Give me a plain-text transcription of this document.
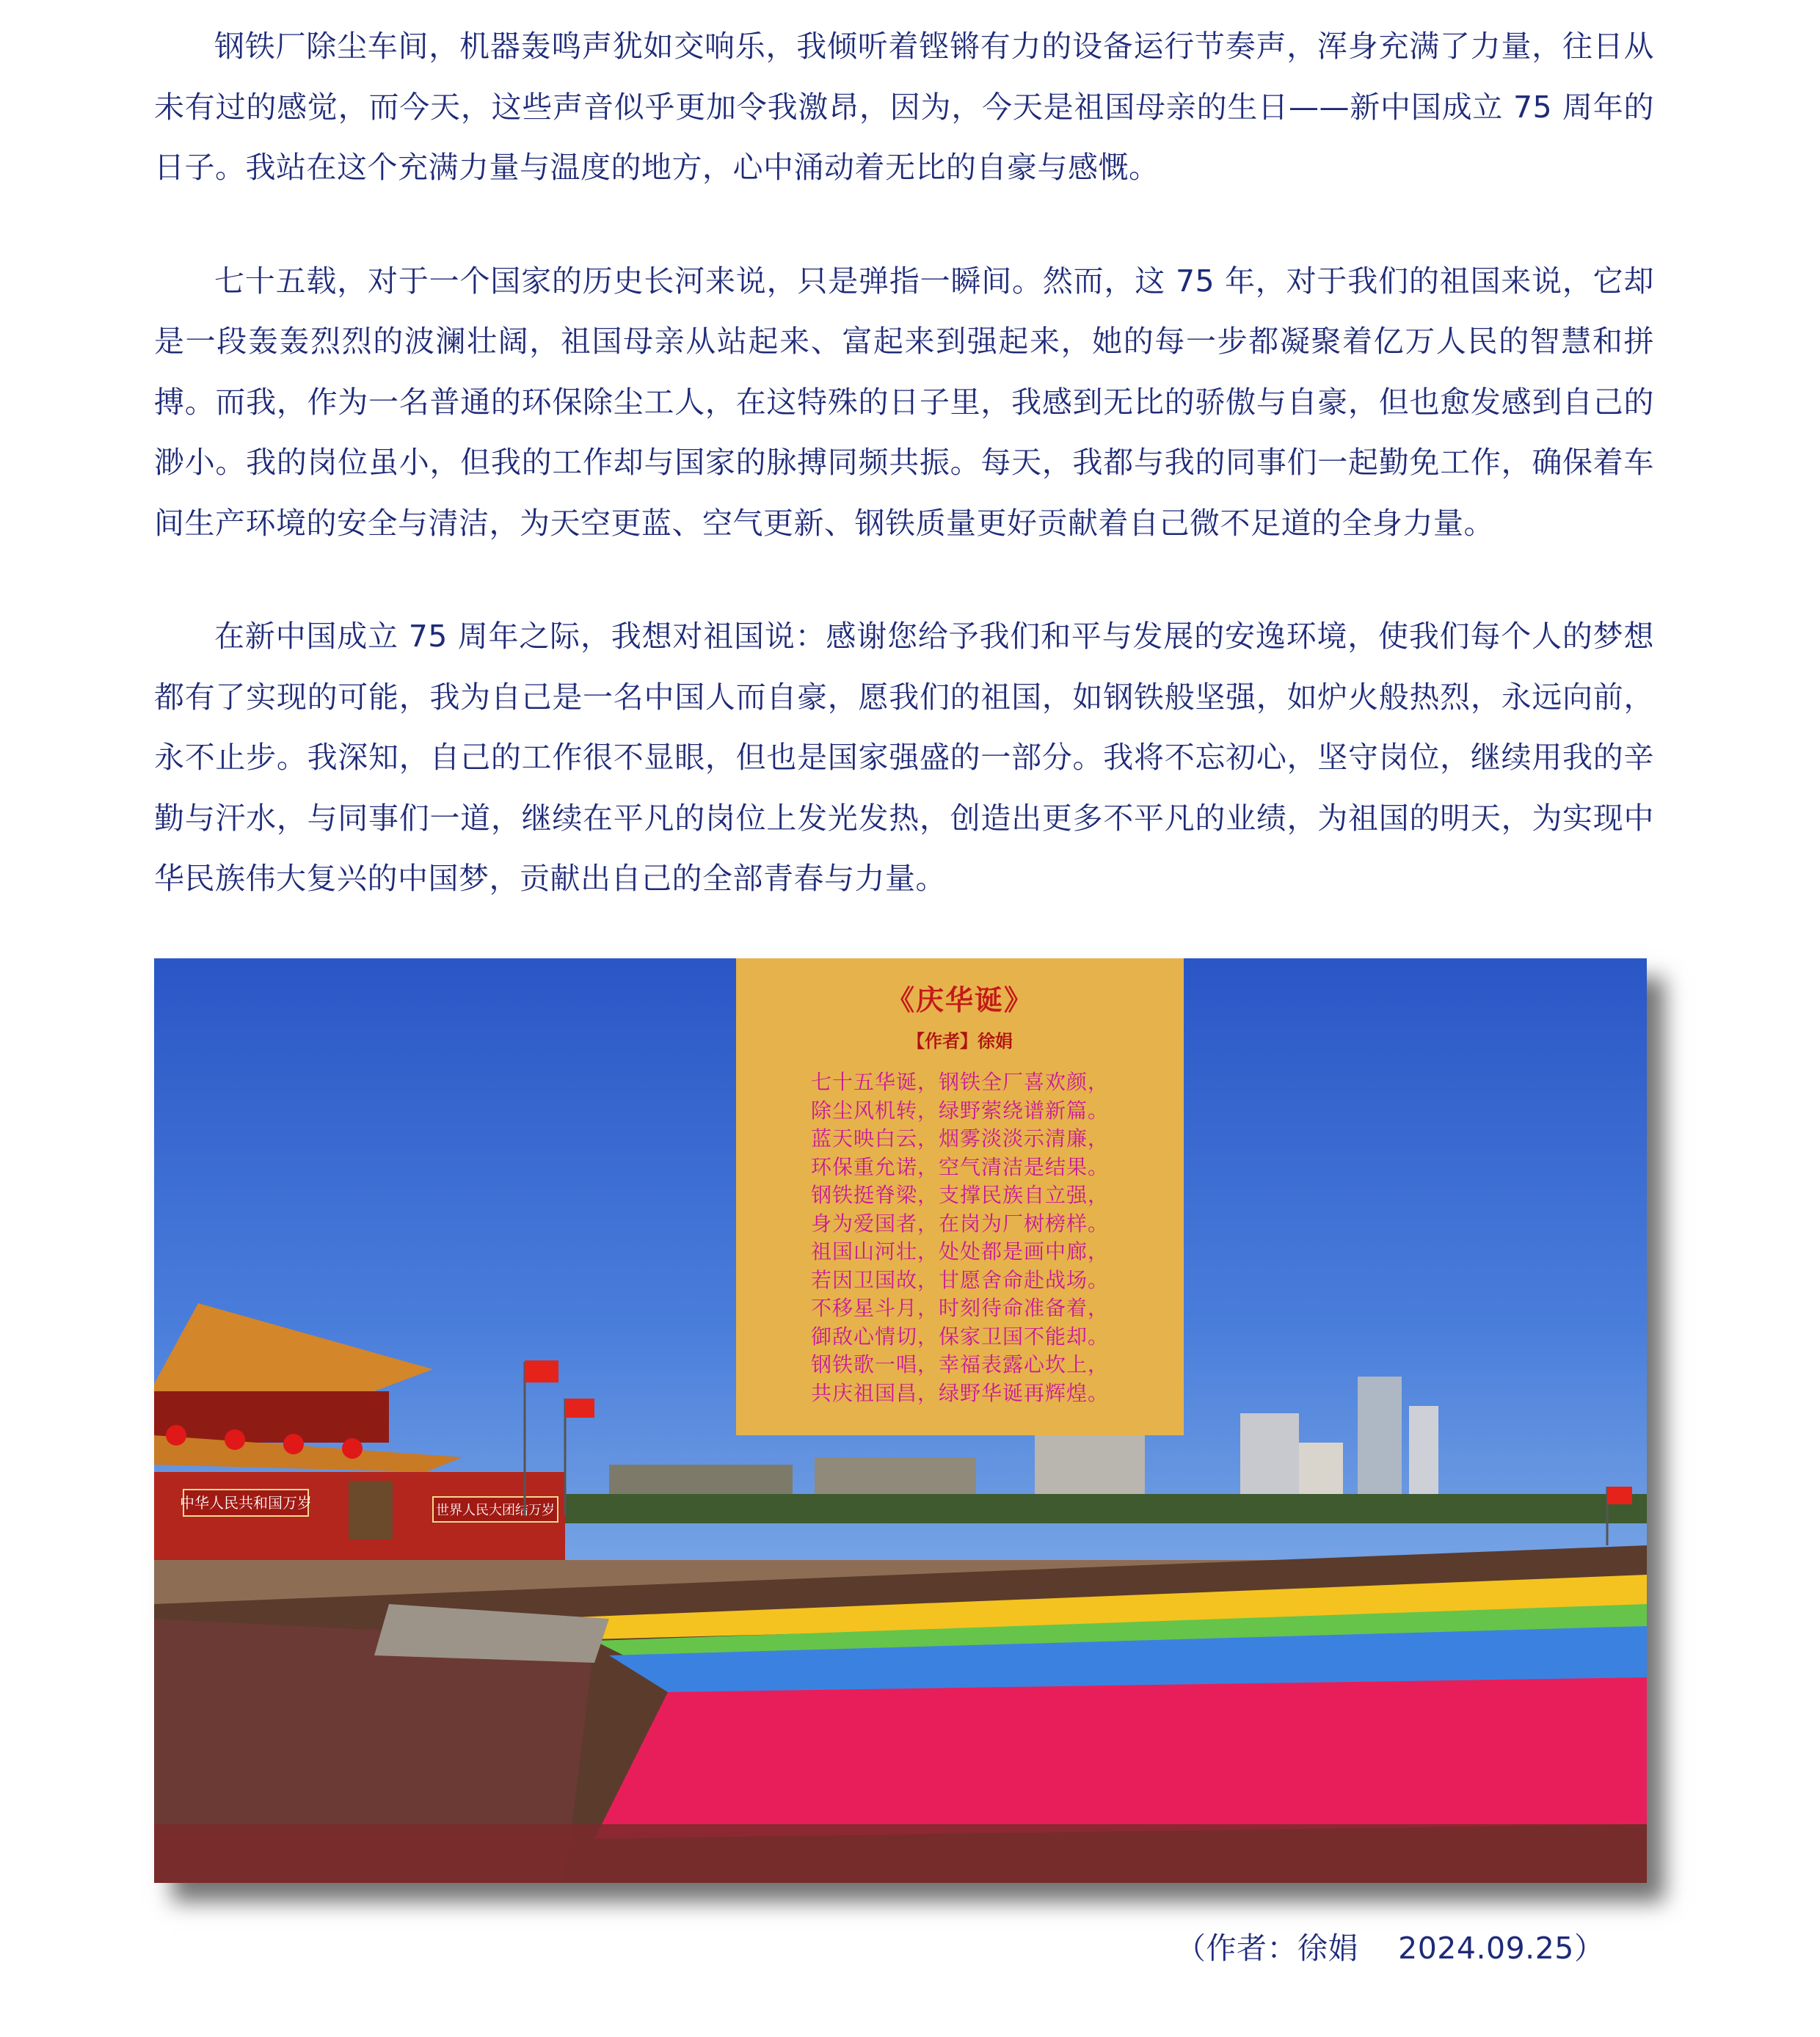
钢铁厂除尘车间，机器轰鸣声犹如交响乐，我倾听着铿锵有力的设备运行节奏声，浑身充满了力量，往日从未有过的感觉，而今天，这些声音似乎更加令我激昂，因为，今天是祖国母亲的生日——新中国成立 75 周年的日子。我站在这个充满力量与温度的地方，心中涌动着无比的自豪与感慨。

七十五载，对于一个国家的历史长河来说，只是弹指一瞬间。然而，这 75 年，对于我们的祖国来说，它却是一段轰轰烈烈的波澜壮阔，祖国母亲从站起来、富起来到强起来，她的每一步都凝聚着亿万人民的智慧和拼搏。而我，作为一名普通的环保除尘工人，在这特殊的日子里，我感到无比的骄傲与自豪，但也愈发感到自己的渺小。我的岗位虽小，但我的工作却与国家的脉搏同频共振。每天，我都与我的同事们一起勤免工作，确保着车间生产环境的安全与清洁，为天空更蓝、空气更新、钢铁质量更好贡献着自己微不足道的全身力量。

在新中国成立 75 周年之际，我想对祖国说：感谢您给予我们和平与发展的安逸环境，使我们每个人的梦想都有了实现的可能，我为自己是一名中国人而自豪，愿我们的祖国，如钢铁般坚强，如炉火般热烈，永远向前，永不止步。我深知，自己的工作很不显眼，但也是国家强盛的一部分。我将不忘初心，坚守岗位，继续用我的辛勤与汗水，与同事们一道，继续在平凡的岗位上发光发热，创造出更多不平凡的业绩，为祖国的明天，为实现中华民族伟大复兴的中国梦，贡献出自己的全部青春与力量。

中华人民共和国万岁	世界人民大团结万岁
《庆华诞》
【作者】徐娟
七十五华诞，钢铁全厂喜欢颜，
除尘风机转，绿野萦绕谱新篇。
蓝天映白云，烟雾淡淡示清廉，
环保重允诺，空气清洁是结果。
钢铁挺脊梁，支撑民族自立强，
身为爱国者，在岗为厂树榜样。
祖国山河壮，处处都是画中廊，
若因卫国故，甘愿舍命赴战场。
不移星斗月，时刻待命准备着，
御敌心情切，保家卫国不能却。
钢铁歌一唱，幸福表露心坎上，
共庆祖国昌，绿野华诞再辉煌。
（作者：徐娟    2024.09.25）
